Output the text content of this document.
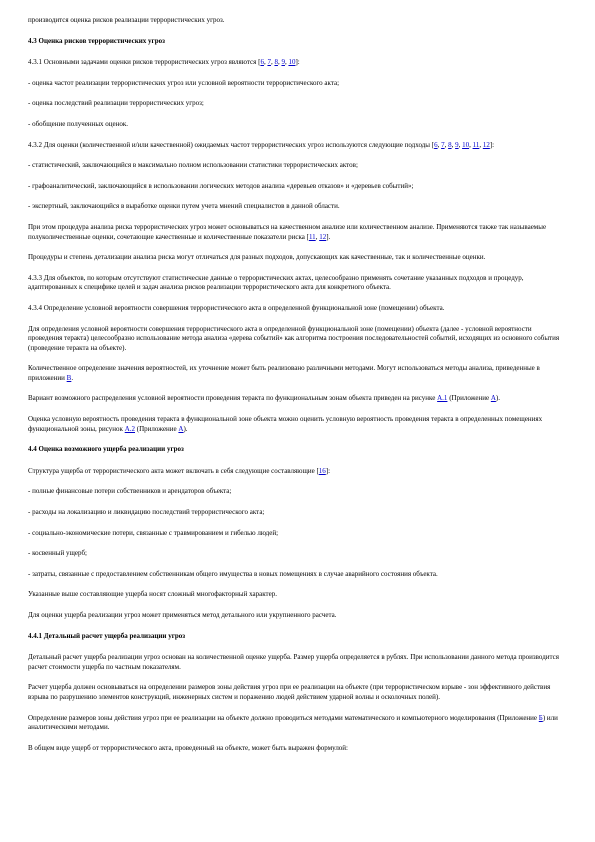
производится оценка рисков реализации террористических угроз.
4.3 Оценка рисков террористических угроз
4.3.1 Основными задачами оценки рисков террористических угроз являются [6, 7, 8, 9, 10]:
- оценка частот реализации террористических угроз или условной вероятности террористического акта;
- оценка последствий реализации террористических угроз;
- обобщение полученных оценок.
4.3.2 Для оценки (количественной и/или качественной) ожидаемых частот террористических угроз используются следующие подходы [6, 7, 8, 9, 10, 11, 12]:
- статистический, заключающийся в максимально полном использовании статистики террористических актов;
- графоаналитический, заключающийся в использовании логических методов анализа «деревьев отказов» и «деревьев событий»;
- экспертный, заключающийся в выработке оценки путем учета мнений специалистов в данной области.
При этом процедура анализа риска террористических угроз может основываться на качественном анализе или количественном анализе. Применяются также так называемые полуколичественные оценки, сочетающие качественные и количественные показатели риска [11, 12].
Процедуры и степень детализации анализа риска могут отличаться для разных подходов, допускающих как качественные, так и количественные оценки.
4.3.3 Для объектов, по которым отсутствуют статистические данные о террористических актах, целесообразно применять сочетание указанных подходов и процедур, адаптированных к специфике целей и задач анализа рисков реализации террористического акта для конкретного объекта.
4.3.4 Определение условной вероятности совершения террористического акта в определенной функциональной зоне (помещении) объекта.
Для определения условной вероятности совершения террористического акта в определенной функциональной зоне (помещении) объекта (далее - условной вероятности проведения теракта) целесообразно использование метода анализа «дерева событий» как алгоритма построения последовательностей событий, исходящих из основного события (проведение теракта на объекте).
Количественное определение значения вероятностей, их уточнение может быть реализовано различными методами. Могут использоваться методы анализа, приведенные в приложении В.
Вариант возможного распределения условной вероятности проведения теракта по функциональным зонам объекта приведен на рисунке А.1 (Приложение А).
Оценка условную вероятность проведения теракта в функциональной зоне объекта можно оценить условную вероятность проведения теракта в определенных помещениях функциональной зоны, рисунок А.2 (Приложение А).
4.4 Оценка возможного ущерба реализации угроз
Структура ущерба от террористического акта может включать в себя следующие составляющие [16]:
- полные финансовые потери собственников и арендаторов объекта;
- расходы на локализацию и ликвидацию последствий террористического акта;
- социально-экономические потери, связанные с травмированием и гибелью людей;
- косвенный ущерб;
- затраты, связанные с предоставлением собственникам общего имущества в новых помещениях в случае аварийного состояния объекта.
Указанные выше составляющие ущерба носят сложный многофакторный характер.
Для оценки ущерба реализации угроз может применяться метод детального или укрупненного расчета.
4.4.1 Детальный расчет ущерба реализации угроз
Детальный расчет ущерба реализации угроз основан на количественной оценке ущерба. Размер ущерба определяется в рублях. При использовании данного метода производится расчет стоимости ущерба по частным показателям.
Расчет ущерба должен основываться на определении размеров зоны действия угроз при ее реализации на объекте (при террористическом взрыве - зон эффективного действия взрыва по разрушению элементов конструкций, инженерных систем и поражению людей действием ударной волны и осколочных полей).
Определение размеров зоны действия угроз при ее реализации на объекте должно проводиться методами математического и компьютерного моделирования (Приложение Б) или аналитическими методами.
В общем виде ущерб от террористического акта, проведенный на объекте, может быть выражен формулой:
